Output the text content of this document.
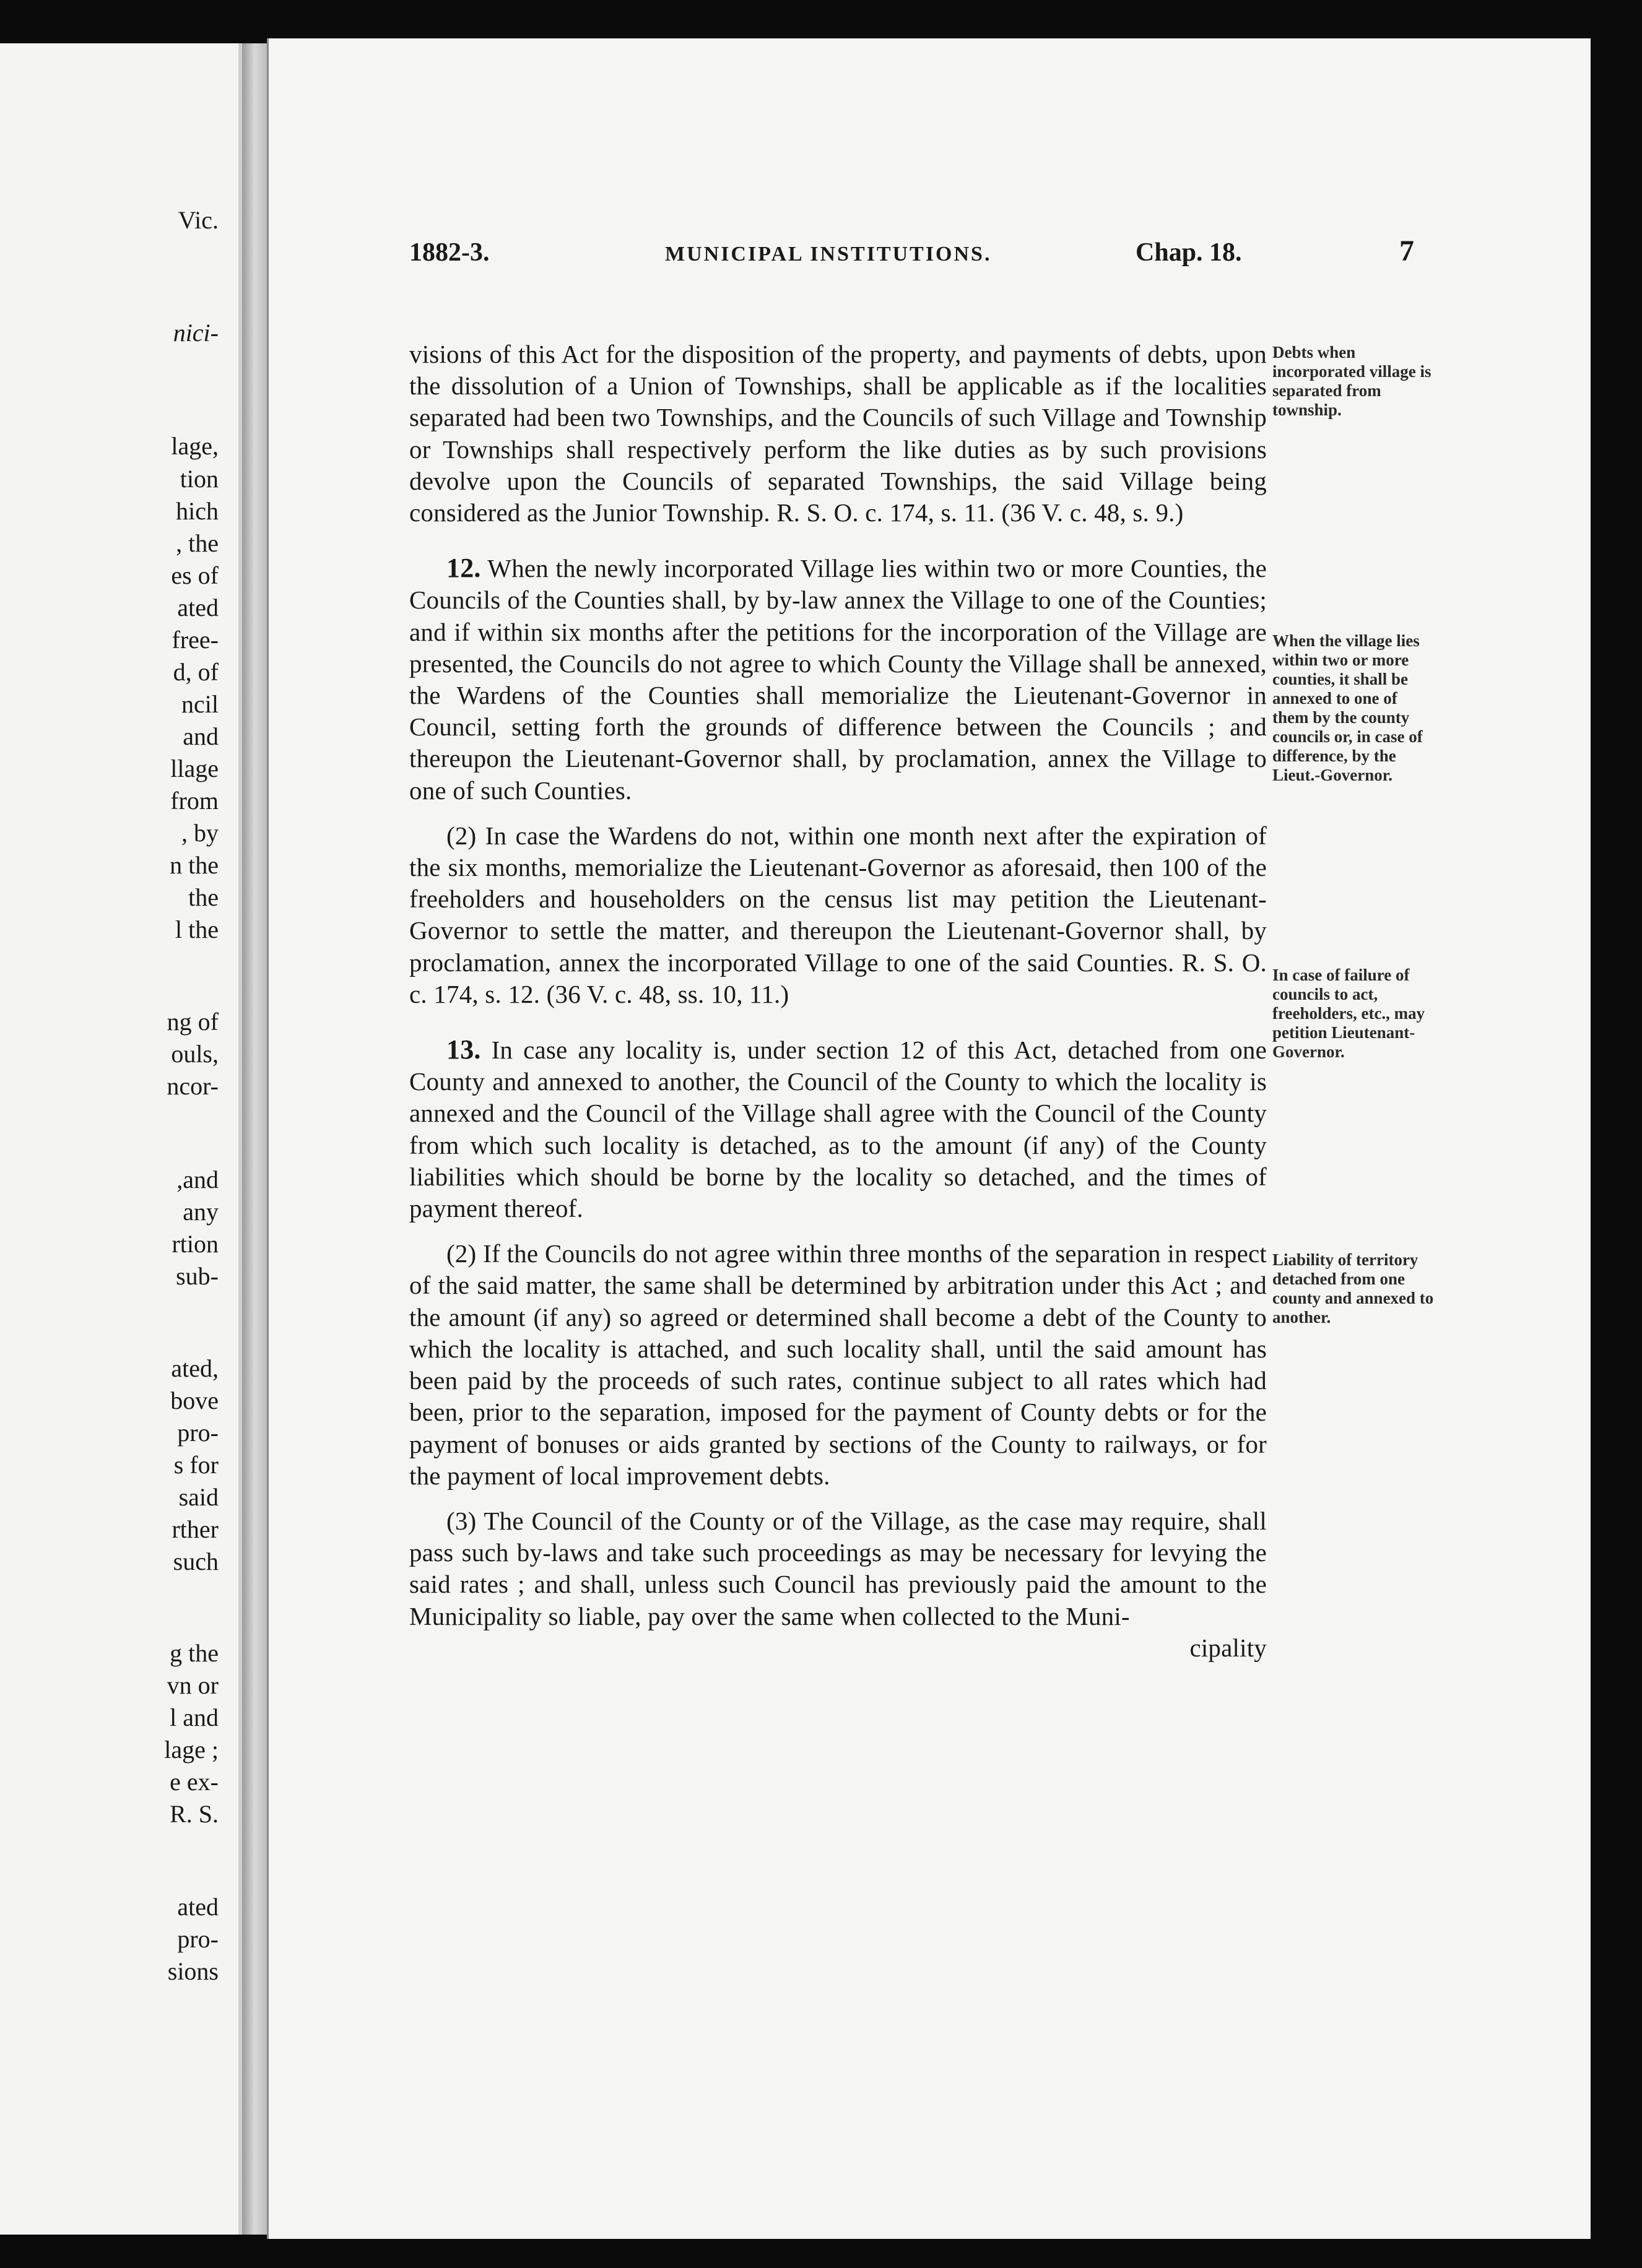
Vic.
nici-
lage,
tion
hich
, the
es of
ated
free-
d, of
ncil
and
llage
from
, by
n the
the
l the
ng of
ouls,
ncor-
,and
any
rtion
sub-
ated,
bove
pro-
s for
said
rther
such
g the
vn or
l and
lage ;
e ex-
R. S.
ated
pro-
sions
1882-3.	MUNICIPAL INSTITUTIONS.	Chap. 18.	7

visions of this Act for the disposition of the property, and payments of debts, upon the dissolution of a Union of Townships, shall be applicable as if the localities separated had been two Townships, and the Councils of such Village and Township or Townships shall respectively perform the like duties as by such provisions devolve upon the Councils of separated Townships, the said Village being considered as the Junior Township. R. S. O. c. 174, s. 11. (36 V. c. 48, s. 9.)

12. When the newly incorporated Village lies within two or more Counties, the Councils of the Counties shall, by by-law annex the Village to one of the Counties; and if within six months after the petitions for the incorporation of the Village are presented, the Councils do not agree to which County the Village shall be annexed, the Wardens of the Counties shall memorialize the Lieutenant-Governor in Council, setting forth the grounds of difference between the Councils ; and thereupon the Lieutenant-Governor shall, by proclamation, annex the Village to one of such Counties.

(2) In case the Wardens do not, within one month next after the expiration of the six months, memorialize the Lieutenant-Governor as aforesaid, then 100 of the freeholders and householders on the census list may petition the Lieutenant-Governor to settle the matter, and thereupon the Lieutenant-Governor shall, by proclamation, annex the incorporated Village to one of the said Counties. R. S. O. c. 174, s. 12. (36 V. c. 48, ss. 10, 11.)

13. In case any locality is, under section 12 of this Act, detached from one County and annexed to another, the Council of the County to which the locality is annexed and the Council of the Village shall agree with the Council of the County from which such locality is detached, as to the amount (if any) of the County liabilities which should be borne by the locality so detached, and the times of payment thereof.

(2) If the Councils do not agree within three months of the separation in respect of the said matter, the same shall be determined by arbitration under this Act ; and the amount (if any) so agreed or determined shall become a debt of the County to which the locality is attached, and such locality shall, until the said amount has been paid by the proceeds of such rates, continue subject to all rates which had been, prior to the separation, imposed for the payment of County debts or for the payment of bonuses or aids granted by sections of the County to railways, or for the payment of local improvement debts.

(3) The Council of the County or of the Village, as the case may require, shall pass such by-laws and take such proceedings as may be necessary for levying the said rates ; and shall, unless such Council has previously paid the amount to the Municipality so liable, pay over the same when collected to the Muni-

cipality

Debts when incorporated village is separated from township.
When the village lies within two or more counties, it shall be annexed to one of them by the county councils or, in case of difference, by the Lieut.-Governor.
In case of failure of councils to act, freeholders, etc., may petition Lieutenant-Governor.
Liability of territory detached from one county and annexed to another.
